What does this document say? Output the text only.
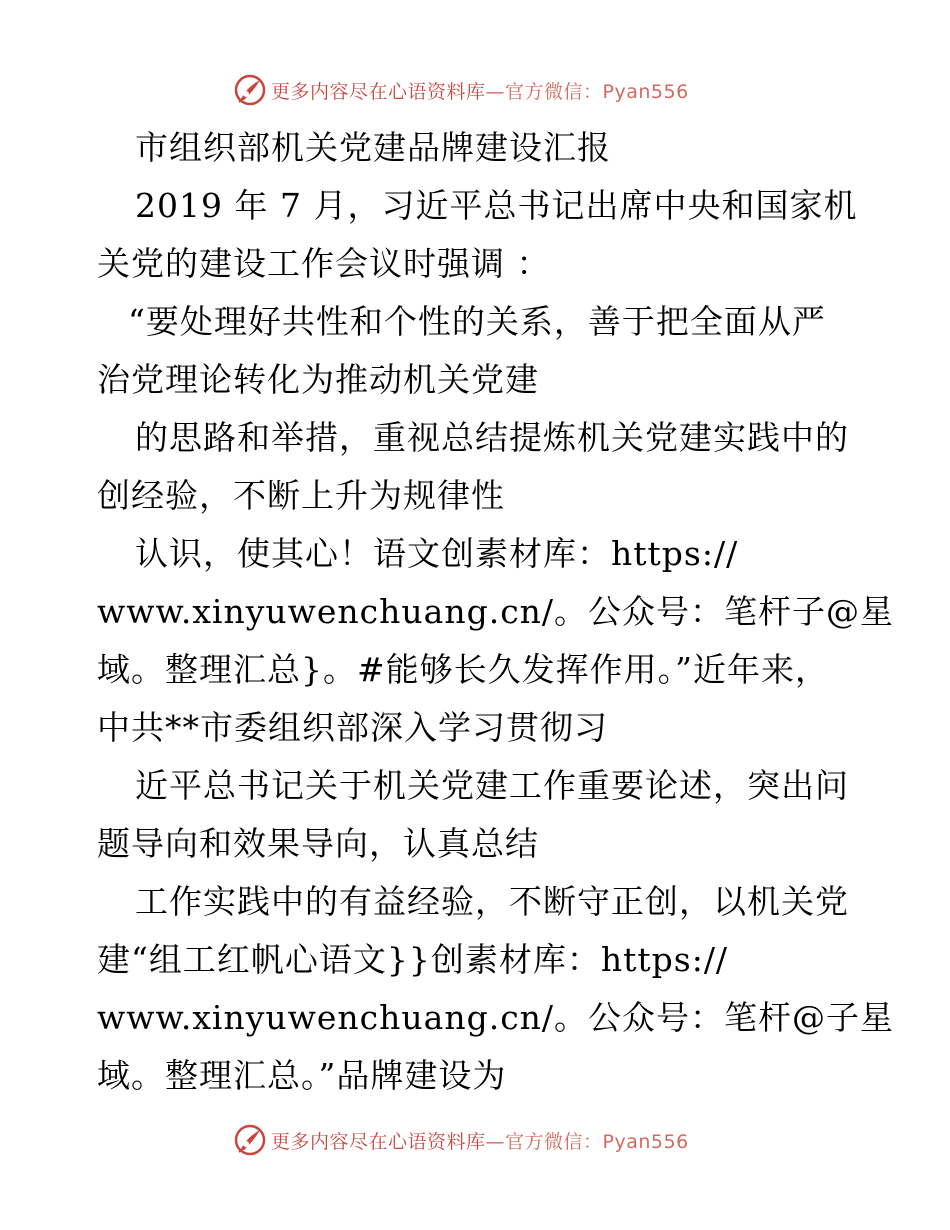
更多内容尽在心语资料库—官方微信：Pyan556
市组织部机关党建品牌建设汇报
2019 年 7 月，习近平总书记出席中央和国家机
关党的建设工作会议时强调 ：
“要处理好共性和个性的关系，善于把全面从严
治党理论转化为推动机关党建
的思路和举措，重视总结提炼机关党建实践中的
创经验，不断上升为规律性
认识，使其心！语文创素材库：https://
www.xinyuwenchuang.cn/。公众号：笔杆子@星
域。整理汇总}。#能够长久发挥作用。”近年来，
中共**市委组织部深入学习贯彻习
近平总书记关于机关党建工作重要论述，突出问
题导向和效果导向，认真总结
工作实践中的有益经验，不断守正创，以机关党
建“组工红帆心语文}}创素材库：https://
www.xinyuwenchuang.cn/。公众号：笔杆@子星
域。整理汇总。”品牌建设为
更多内容尽在心语资料库—官方微信：Pyan556
